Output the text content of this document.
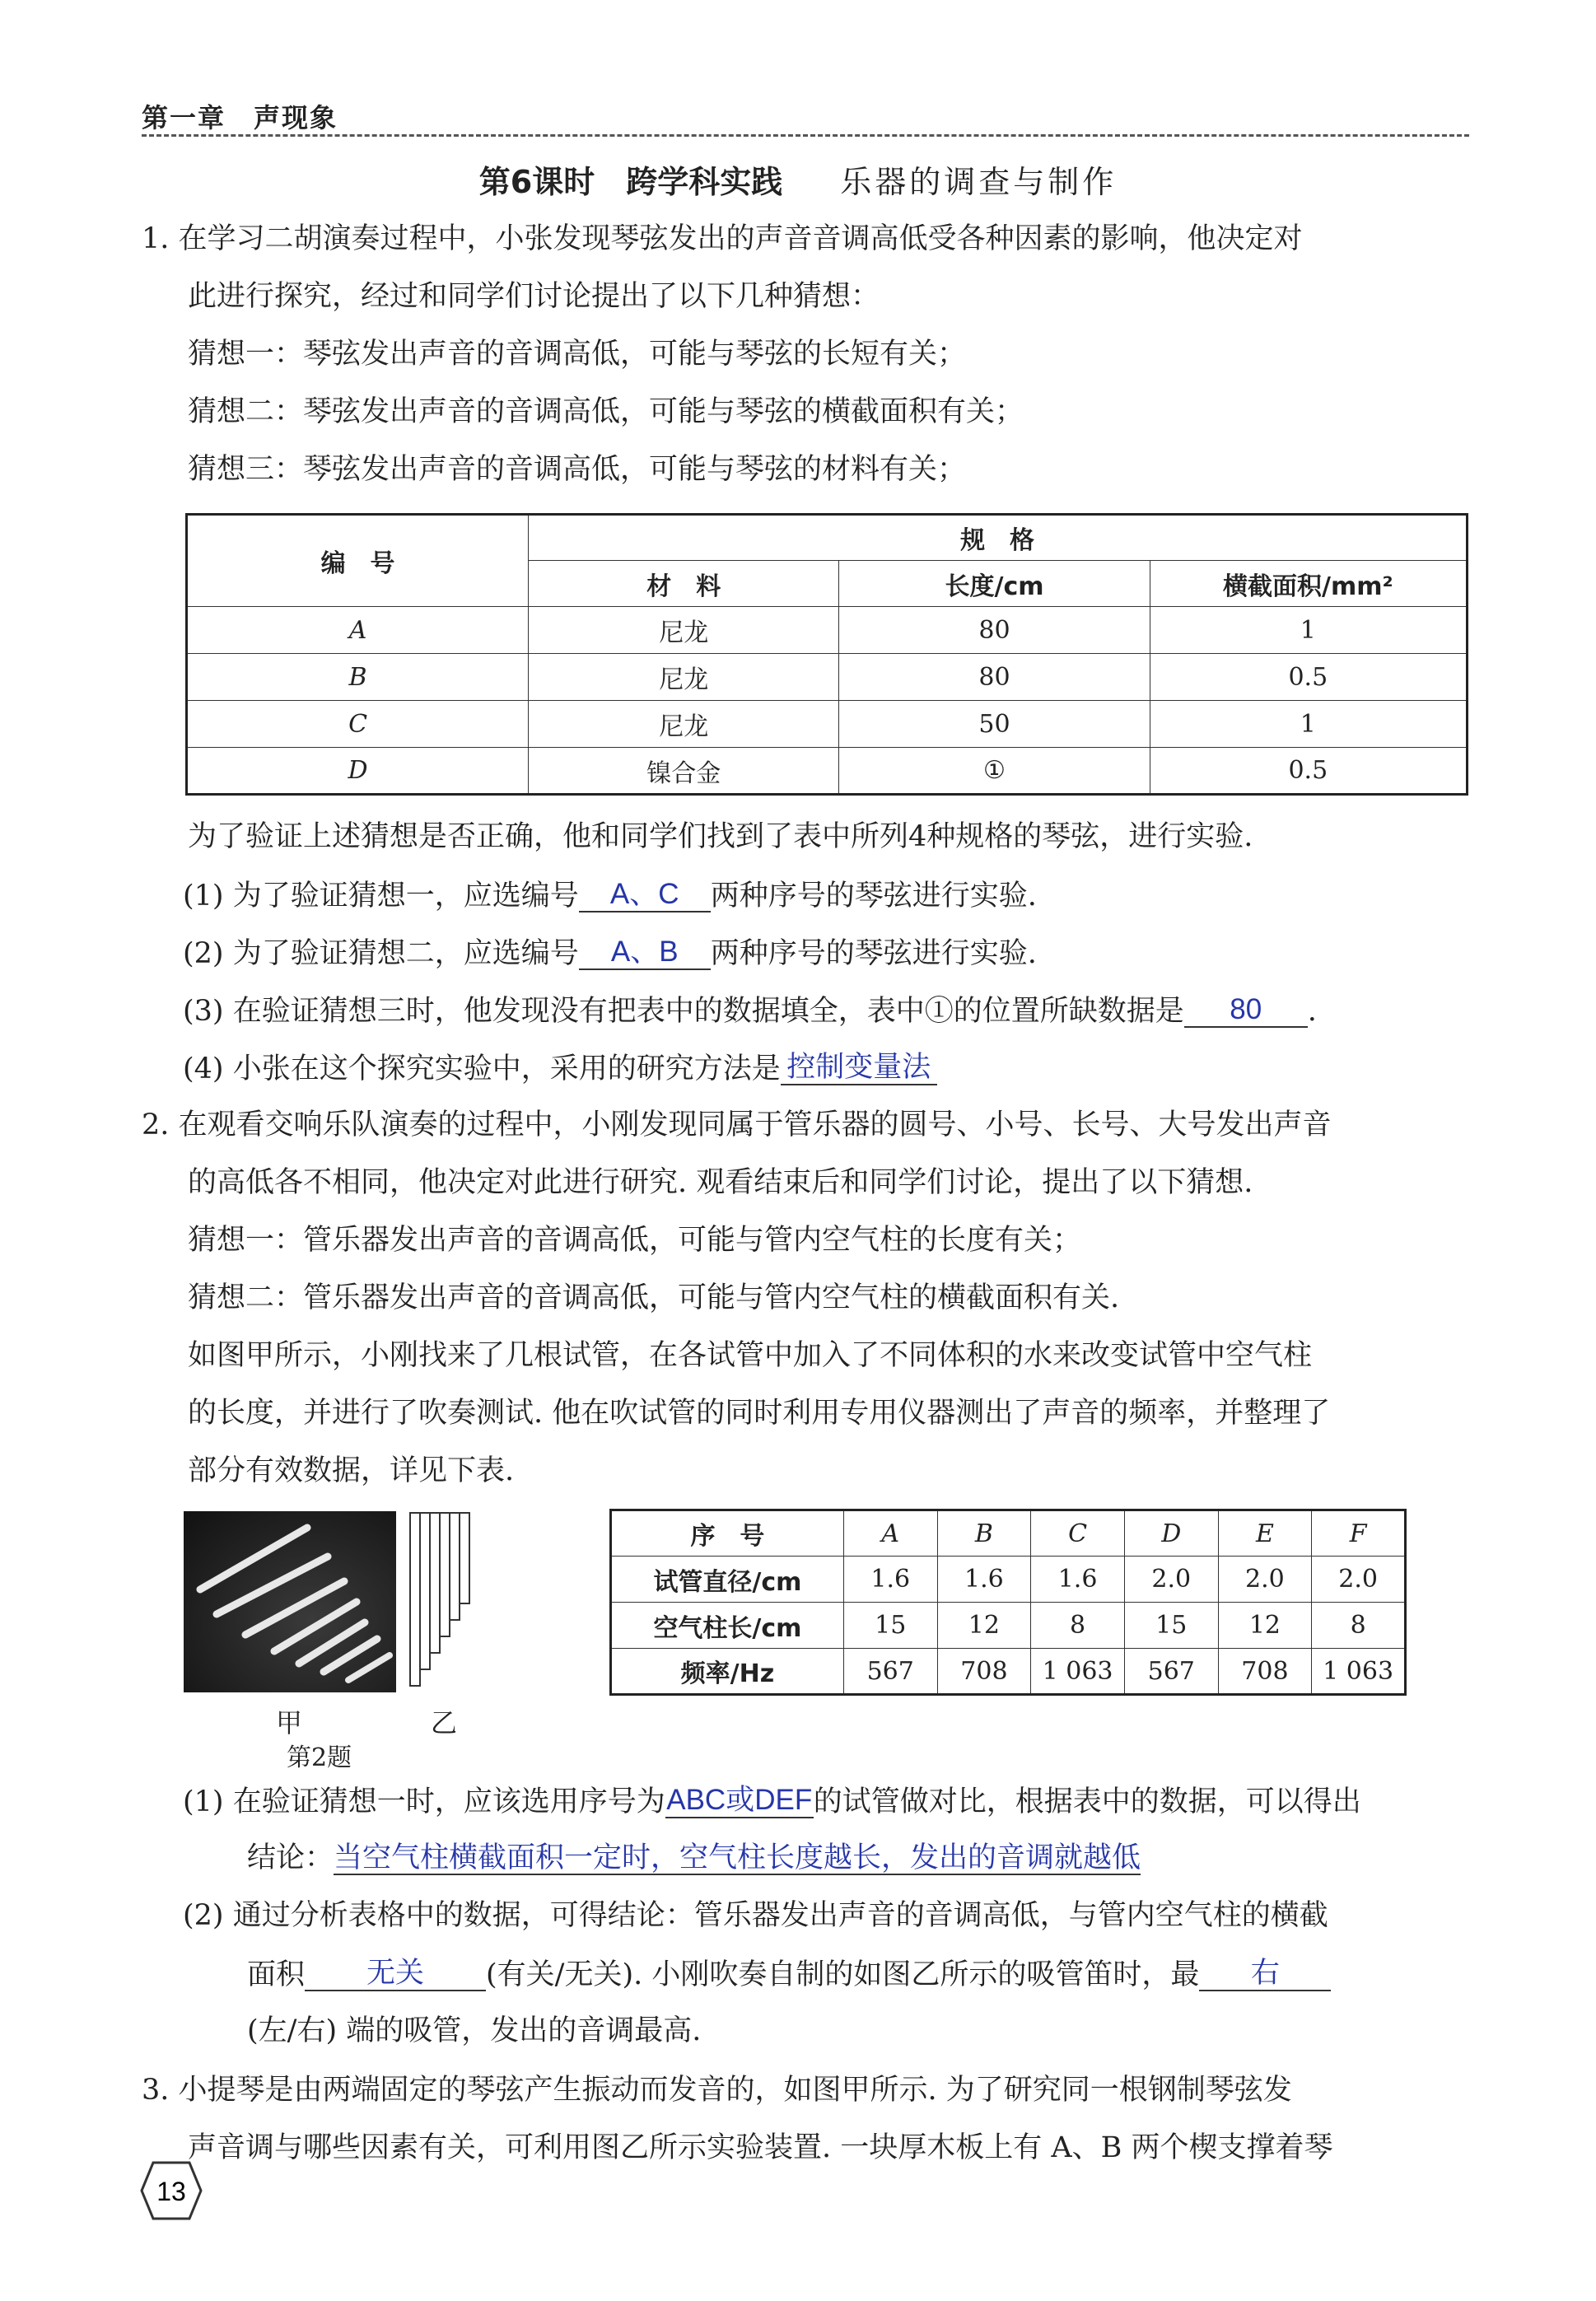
第一章　声现象
第6课时　跨学科实践 乐器的调查与制作
1. 在学习二胡演奏过程中，小张发现琴弦发出的声音音调高低受各种因素的影响，他决定对
此进行探究，经过和同学们讨论提出了以下几种猜想：
猜想一：琴弦发出声音的音调高低，可能与琴弦的长短有关；
猜想二：琴弦发出声音的音调高低，可能与琴弦的横截面积有关；
猜想三：琴弦发出声音的音调高低，可能与琴弦的材料有关；
编　号	规　格		
	材　料	长度/cm	横截面积/mm²
A	尼龙	80	1
B	尼龙	80	0.5
C	尼龙	50	1
D	镍合金	①	0.5
为了验证上述猜想是否正确，他和同学们找到了表中所列4种规格的琴弦，进行实验.
(1) 为了验证猜想一，应选编号 A、C 两种序号的琴弦进行实验.
(2) 为了验证猜想二，应选编号 A、B 两种序号的琴弦进行实验.
(3) 在验证猜想三时，他发现没有把表中的数据填全，表中①的位置所缺数据是 80 .
(4) 小张在这个探究实验中，采用的研究方法是 控制变量法
2. 在观看交响乐队演奏的过程中，小刚发现同属于管乐器的圆号、小号、长号、大号发出声音
的高低各不相同，他决定对此进行研究. 观看结束后和同学们讨论，提出了以下猜想.
猜想一：管乐器发出声音的音调高低，可能与管内空气柱的长度有关；
猜想二：管乐器发出声音的音调高低，可能与管内空气柱的横截面积有关.
如图甲所示，小刚找来了几根试管，在各试管中加入了不同体积的水来改变试管中空气柱
的长度，并进行了吹奏测试. 他在吹试管的同时利用专用仪器测出了声音的频率，并整理了
部分有效数据，详见下表.
甲	乙
第2题
序　号	A	B	C	D	E	F
试管直径/cm	1.6	1.6	1.6	2.0	2.0	2.0
空气柱长/cm	15	12	8	15	12	8
频率/Hz	567	708	1 063	567	708	1 063
(1) 在验证猜想一时，应该选用序号为ABC或DEF的试管做对比，根据表中的数据，可以得出
结论：当空气柱横截面积一定时，空气柱长度越长，发出的音调就越低
(2) 通过分析表格中的数据，可得结论：管乐器发出声音的音调高低，与管内空气柱的横截
面积 无关 (有关/无关). 小刚吹奏自制的如图乙所示的吸管笛时，最 右
(左/右) 端的吸管，发出的音调最高.
3. 小提琴是由两端固定的琴弦产生振动而发音的，如图甲所示. 为了研究同一根钢制琴弦发
声音调与哪些因素有关，可利用图乙所示实验装置. 一块厚木板上有 A、B 两个楔支撑着琴
13
